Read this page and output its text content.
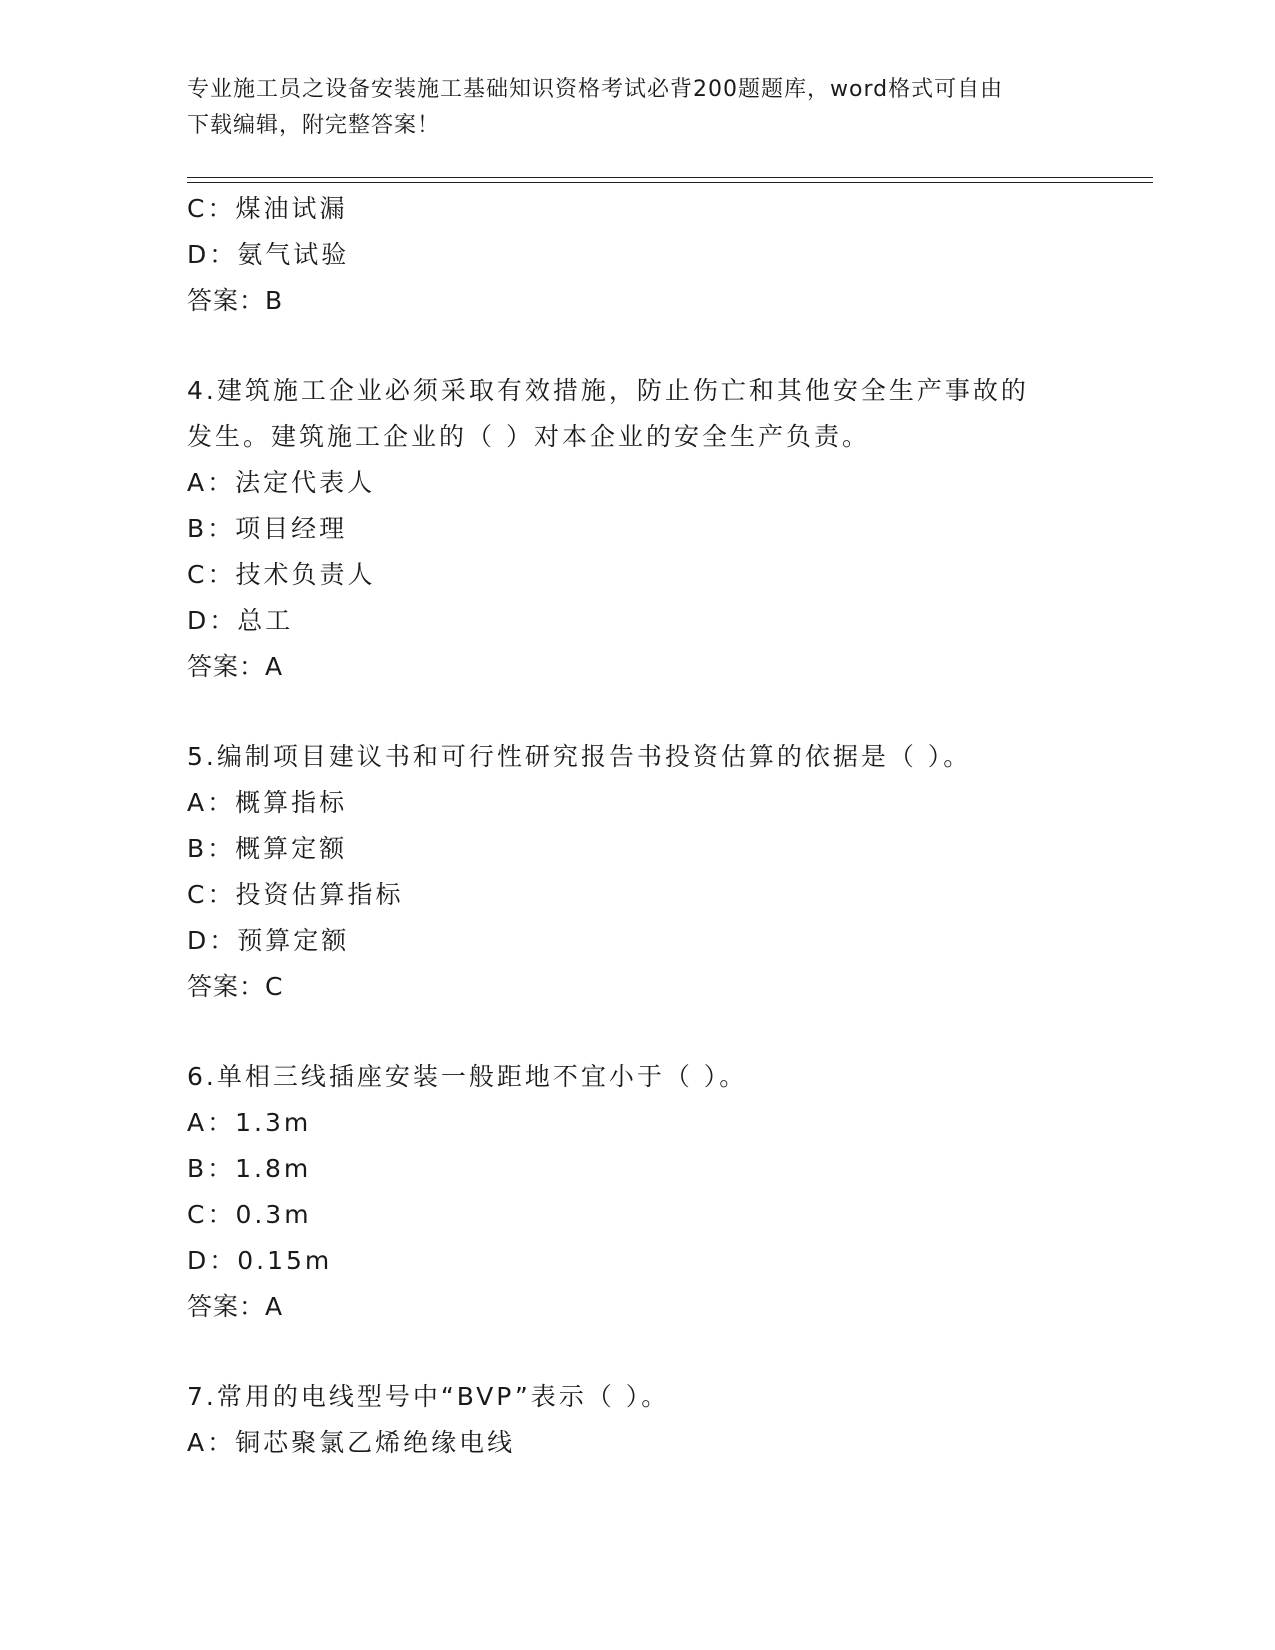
专业施工员之设备安装施工基础知识资格考试必背200题题库，word格式可自由
下载编辑，附完整答案！
C：煤油试漏
D：氨气试验
答案：B
4.建筑施工企业必须采取有效措施，防止伤亡和其他安全生产事故的
发生。建筑施工企业的（ ）对本企业的安全生产负责。
A：法定代表人
B：项目经理
C：技术负责人
D：总工
答案：A
5.编制项目建议书和可行性研究报告书投资估算的依据是（ ）。
A：概算指标
B：概算定额
C：投资估算指标
D：预算定额
答案：C
6.单相三线插座安装一般距地不宜小于（ ）。
A：1.3m
B：1.8m
C：0.3m
D：0.15m
答案：A
7.常用的电线型号中“BVP”表示（ ）。
A：铜芯聚氯乙烯绝缘电线
